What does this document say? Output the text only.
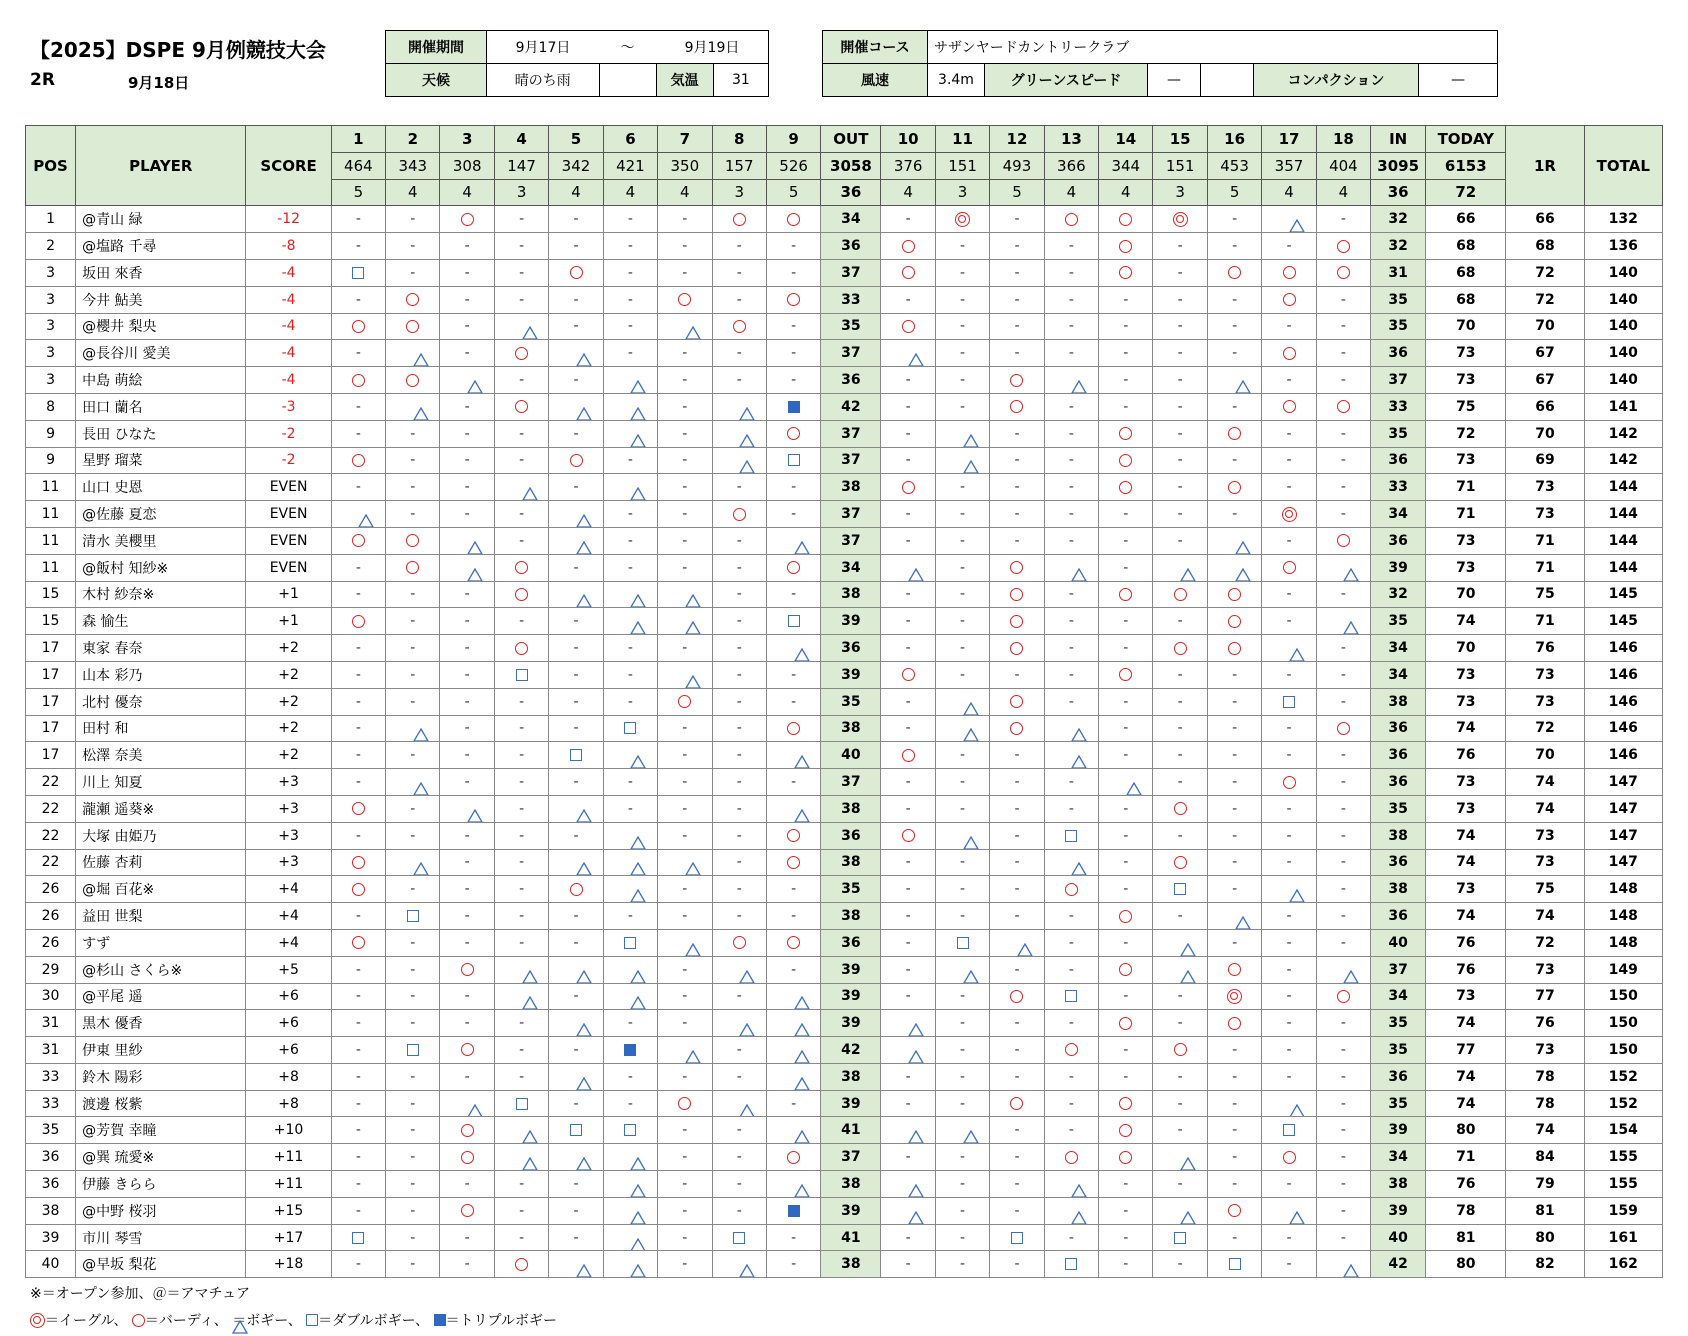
【2025】DSPE 9月例競技大会
2R	9月18日
開催期間	9月17日	～	9月19日	
天候	晴のち雨		気温	31
開催コース	サザンヤードカントリークラブ					
風速	3.4m	グリーンスピード	—		コンパクション	—
POS	PLAYER	SCORE	1	2	3	4	5	6	7	8	9	OUT	10	11	12	13	14	15	16	17	18	IN	TODAY	1R	TOTAL
			464	343	308	147	342	421	350	157	526	3058	376	151	493	366	344	151	453	357	404	3095	6153		
			5	4	4	3	4	4	4	3	5	36	4	3	5	4	4	3	5	4	4	36	72		
1	@青山 緑	-12	-	-		-	-	-	-			34	-		-				-		-	32	66	66	132
2	@塩路 千尋	-8	-	-	-	-	-	-	-	-	-	36		-	-	-		-	-	-		32	68	68	136
3	坂田 來香	-4		-	-	-		-	-	-	-	37		-	-	-		-				31	68	72	140
3	今井 鮎美	-4	-		-	-	-	-		-		33	-	-	-	-	-	-	-		-	35	68	72	140
3	@櫻井 梨央	-4			-		-	-			-	35		-	-	-	-	-	-	-	-	35	70	70	140
3	@長谷川 愛美	-4	-		-			-	-	-	-	37		-	-	-	-	-	-		-	36	73	67	140
3	中島 萌絵	-4				-	-		-	-	-	36	-	-			-	-		-	-	37	73	67	140
8	田口 蘭名	-3	-		-				-			42	-	-		-	-	-	-			33	75	66	141
9	長田 ひなた	-2	-	-	-	-	-		-			37	-		-	-		-		-	-	35	72	70	142
9	星野 瑠菜	-2		-	-	-		-	-			37	-		-	-		-	-	-	-	36	73	69	142
11	山口 史恩	EVEN	-	-	-		-		-	-	-	38		-	-	-		-		-	-	33	71	73	144
11	@佐藤 夏恋	EVEN		-	-	-		-	-		-	37	-	-	-	-	-	-	-		-	34	71	73	144
11	清水 美櫻里	EVEN				-		-	-	-		37	-	-	-	-	-	-		-		36	73	71	144
11	@飯村 知紗※	EVEN	-				-	-	-	-		34		-			-					39	73	71	144
15	木村 紗奈※	+1	-	-	-					-	-	38	-	-		-				-	-	32	70	75	145
15	森 愉生	+1		-	-	-	-			-		39	-	-		-	-	-		-		35	74	71	145
17	東家 春奈	+2	-	-	-		-	-	-	-		36	-	-		-	-				-	34	70	76	146
17	山本 彩乃	+2	-	-	-		-	-		-	-	39		-	-	-		-	-	-	-	34	73	73	146
17	北村 優奈	+2	-	-	-	-	-	-		-	-	35	-			-	-	-	-		-	38	73	73	146
17	田村 和	+2	-		-	-	-		-	-		38	-				-	-	-	-		36	74	72	146
17	松澤 奈美	+2	-	-	-	-			-	-		40		-	-		-	-	-	-	-	36	76	70	146
22	川上 知夏	+3	-		-	-	-	-	-	-	-	37	-	-	-	-		-	-		-	36	73	74	147
22	瀧瀬 遥葵※	+3		-		-		-	-	-		38	-	-	-	-	-		-	-	-	35	73	74	147
22	大塚 由姫乃	+3	-	-	-	-	-		-	-		36			-		-	-	-	-	-	38	74	73	147
22	佐藤 杏莉	+3			-	-				-		38	-	-	-		-		-	-	-	36	74	73	147
26	@堀 百花※	+4		-	-	-			-	-	-	35	-	-	-		-		-		-	38	73	75	148
26	益田 世梨	+4	-		-	-	-	-	-	-	-	38	-	-	-	-		-		-	-	36	74	74	148
26	すず	+4		-	-	-	-					36	-			-	-		-	-	-	40	76	72	148
29	@杉山 さくら※	+5	-	-					-		-	39	-		-	-				-		37	76	73	149
30	@平尾 遥	+6	-	-	-		-		-	-		39	-	-			-	-		-		34	73	77	150
31	黒木 優香	+6	-	-	-	-		-	-			39		-	-	-		-		-	-	35	74	76	150
31	伊東 里紗	+6	-			-	-			-		42		-	-		-		-	-	-	35	77	73	150
33	鈴木 陽彩	+8	-	-	-	-		-	-	-		38	-	-	-	-	-	-	-	-	-	36	74	78	152
33	渡邊 桜紫	+8	-	-			-	-			-	39	-	-		-		-	-		-	35	74	78	152
35	@芳賀 幸瞳	+10	-	-					-	-		41			-	-		-	-		-	39	80	74	154
36	@巽 琉愛※	+11	-	-					-	-		37	-	-	-				-		-	34	71	84	155
36	伊藤 きらら	+11	-	-	-	-	-		-	-		38		-	-		-	-	-	-	-	38	76	79	155
38	@中野 桜羽	+15	-	-		-	-		-	-		39		-	-		-				-	39	78	81	159
39	市川 琴雪	+17		-	-	-	-		-		-	41	-	-		-	-		-	-	-	40	81	80	161
40	@早坂 梨花	+18	-	-	-				-		-	38	-	-	-		-	-		-		42	80	82	162
※＝オープン参加、＠＝アマチュア
＝イーグル、 ＝バーディ、 ＝ボギー、 ＝ダブルボギー、 ＝トリプルボギー
